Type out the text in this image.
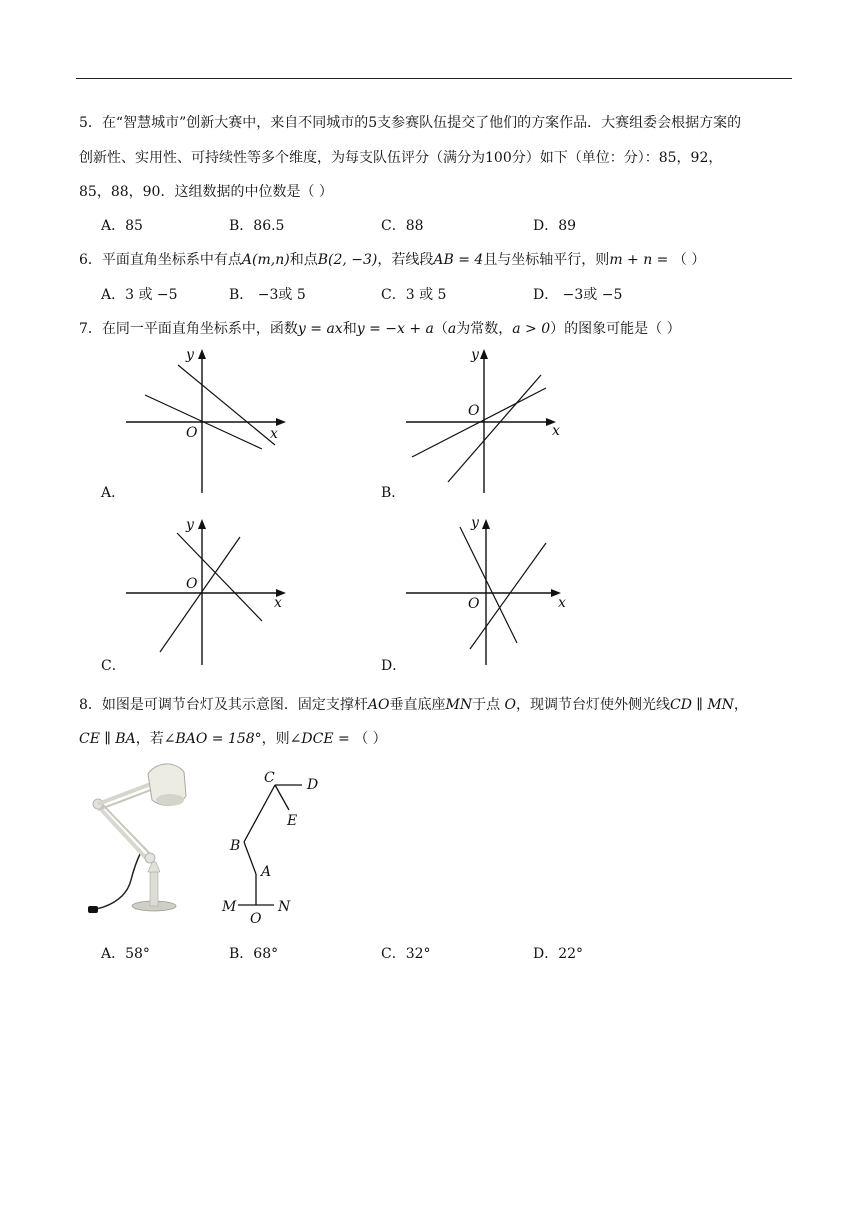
5．在“智慧城市”创新大赛中，来自不同城市的5支参赛队伍提交了他们的方案作品．大赛组委会根据方案的
创新性、实用性、可持续性等多个维度，为每支队伍评分（满分为100分）如下（单位：分）：85，92，
85，88，90．这组数据的中位数是（ ）
A．85	B．86.5	C．88	D．89
6．平面直角坐标系中有点A(m,n)和点B(2, −3)，若线段AB = 4且与坐标轴平行，则m + n = （ ）
A．3 或 −5	B． −3或 5	C．3 或 5	D． −3或 −5
7．在同一平面直角坐标系中，函数y = ax和y = −x + a（a为常数，a > 0）的图象可能是（ ）
y
x
O
A．
y
x
O
B．
y
x
O
C．
y
x
O
D．
8．如图是可调节台灯及其示意图．固定支撑杆AO垂直底座MN于点 O，现调节台灯使外侧光线CD ∥ MN，
CE ∥ BA，若∠BAO = 158°，则∠DCE = （ ）
C D
E
B
A
M
O
N
A．58°	B．68°	C．32°	D．22°
